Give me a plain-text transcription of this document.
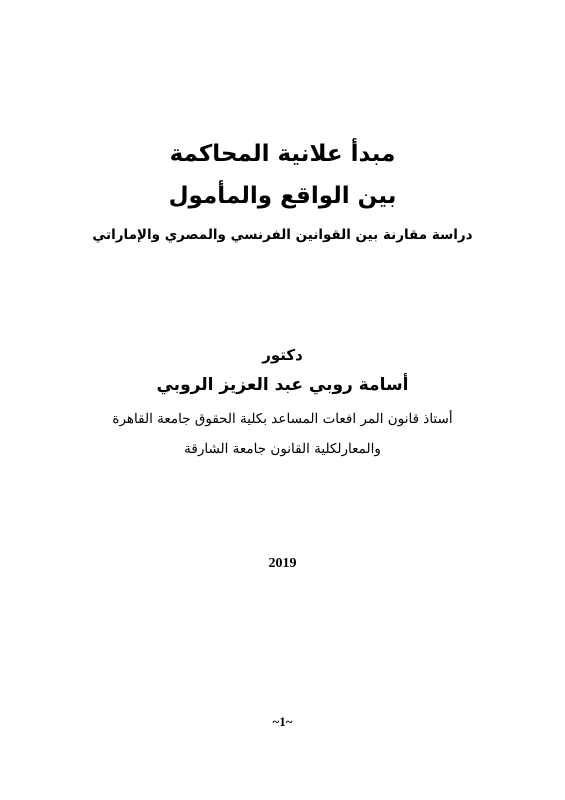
مبدأ علانية المحاكمة
بين الواقع والمأمول
دراسة مقارنة بين القوانين الفرنسي والمصري والإماراتي
دكتور
أسامة روبي عبد العزيز الروبي
أستاذ قانون المر افعات المساعد بكلية الحقوق جامعة القاهرة
والمعارلكلية القانون جامعة الشارقة
2019
~1~
